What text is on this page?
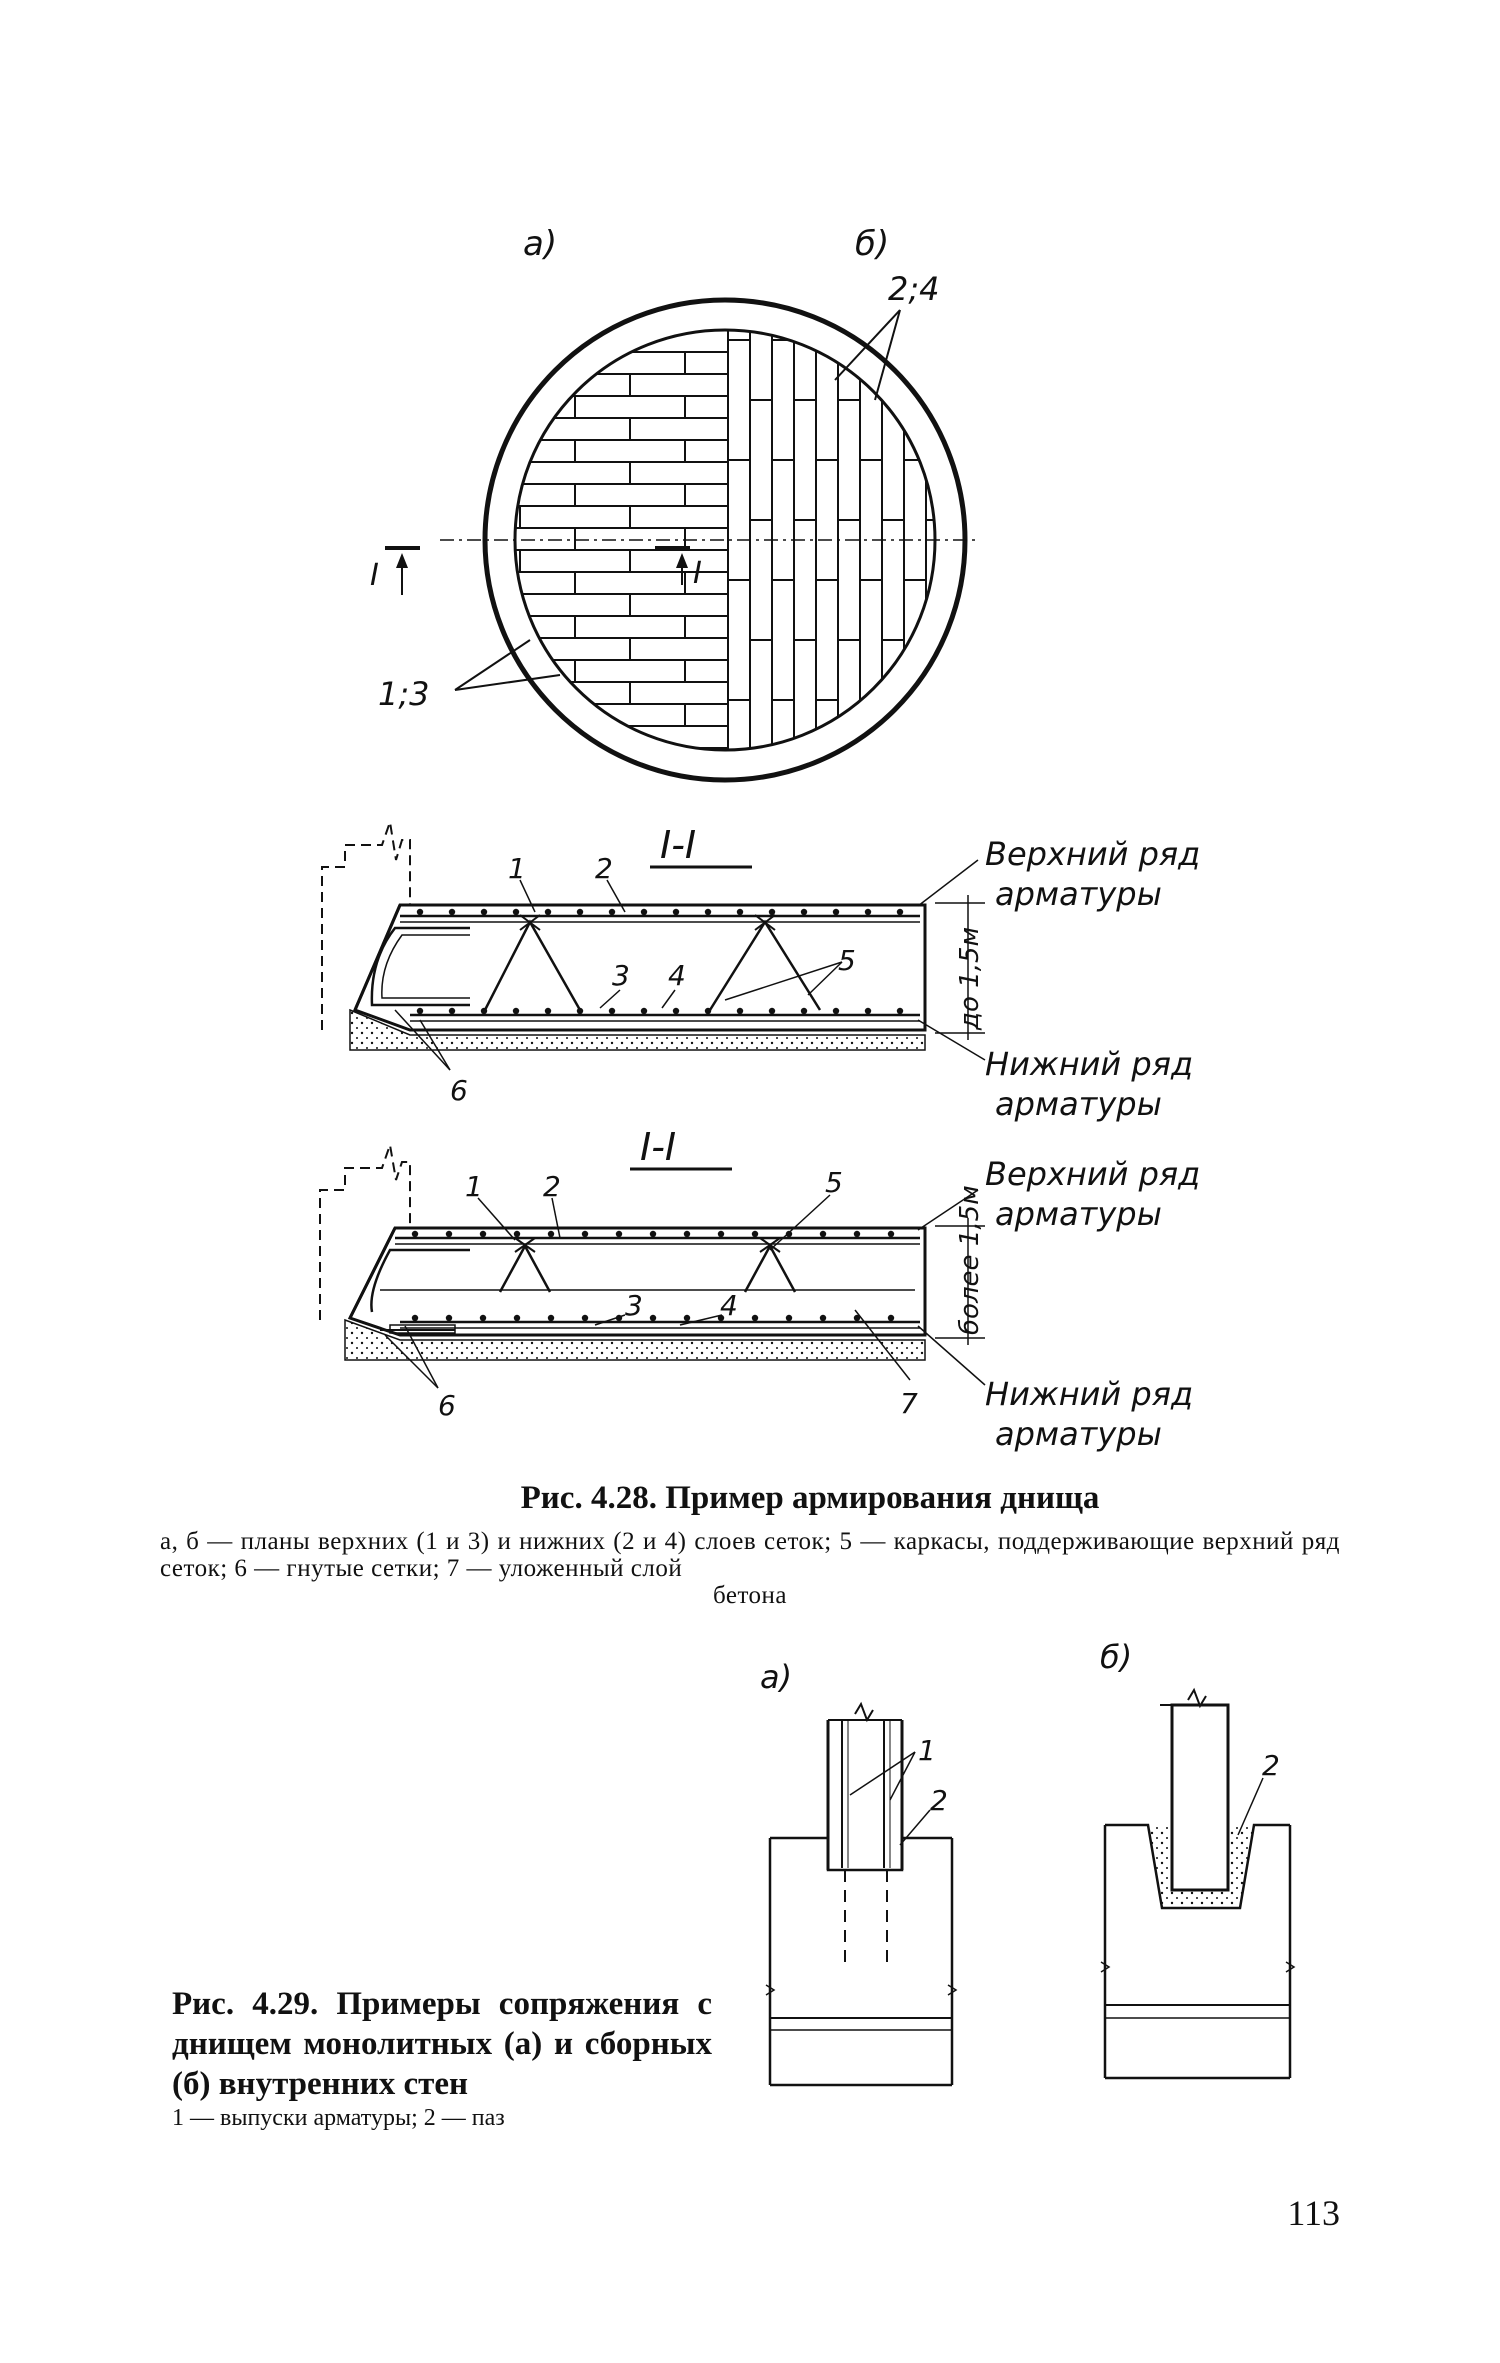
а)	б)
I	I
1;3
2;4
I-I
до 1,5м
1 2
3 4	5
6
Верхний ряд
арматуры
Нижний ряд
арматуры
I-I
более 1,5м
1 2
3	4
5
6	7
Верхний ряд
арматуры
Нижний ряд
арматуры
а)
б)
1
2
2
Рис. 4.28. Пример армирования днища
а, б — планы верхних (1 и 3) и нижних (2 и 4) слоев сеток; 5 — каркасы, поддерживающие верхний ряд сеток; 6 — гнутые сетки; 7 — уложенный слой
бетона
Рис. 4.29. Примеры сопряжения с днищем монолитных (а) и сборных (б) внутренних стен
1 — выпуски арматуры; 2 — паз
113
